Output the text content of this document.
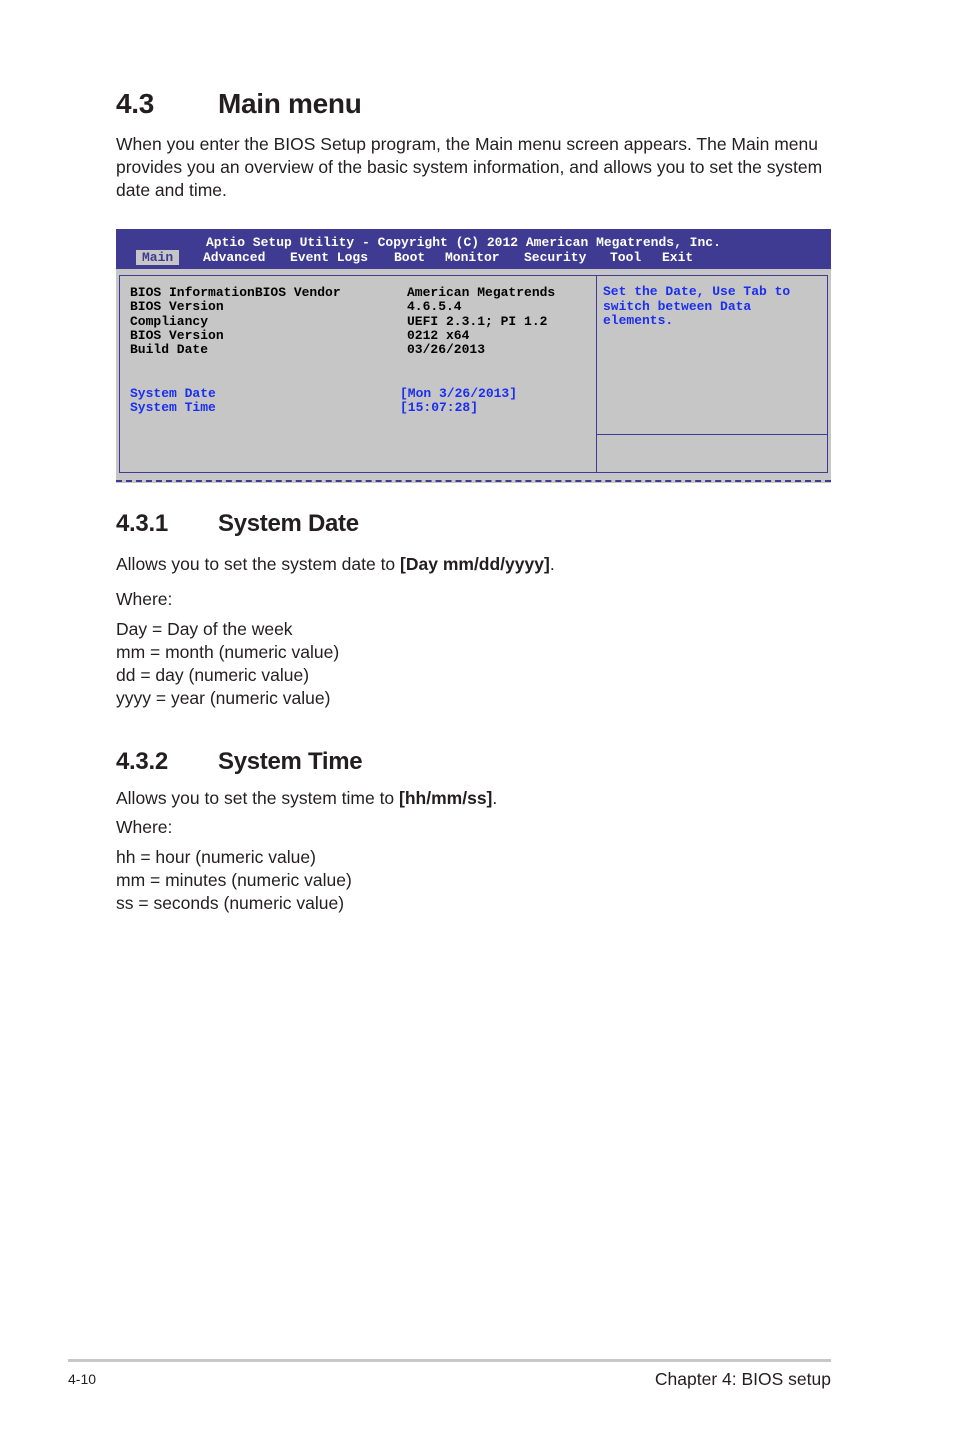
4.3 Main menu

When you enter the BIOS Setup program, the Main menu screen appears. The Main menu provides you an overview of the basic system information, and allows you to set the system date and time.

Aptio Setup Utility - Copyright (C) 2012 American Megatrends, Inc.
Main	Advanced Event Logs Boot Monitor Security Tool Exit
BIOS InformationBIOS Vendor	American Megatrends
BIOS Version	4.6.5.4
Compliancy	UEFI 2.3.1; PI 1.2
BIOS Version	0212 x64
Build Date	03/26/2013
System Date	[Mon 3/26/2013]
System Time	[15:07:28]
Set the Date, Use Tab to
switch between Data
elements.
4.3.1 System Date

Allows you to set the system date to [Day mm/dd/yyyy].

Where:

Day = Day of the week

mm = month (numeric value)

dd = day (numeric value)

yyyy = year (numeric value)

4.3.2 System Time

Allows you to set the system time to [hh/mm/ss].

Where:

hh = hour (numeric value)

mm = minutes (numeric value)

ss = seconds (numeric value)

4-10	Chapter 4: BIOS setup
